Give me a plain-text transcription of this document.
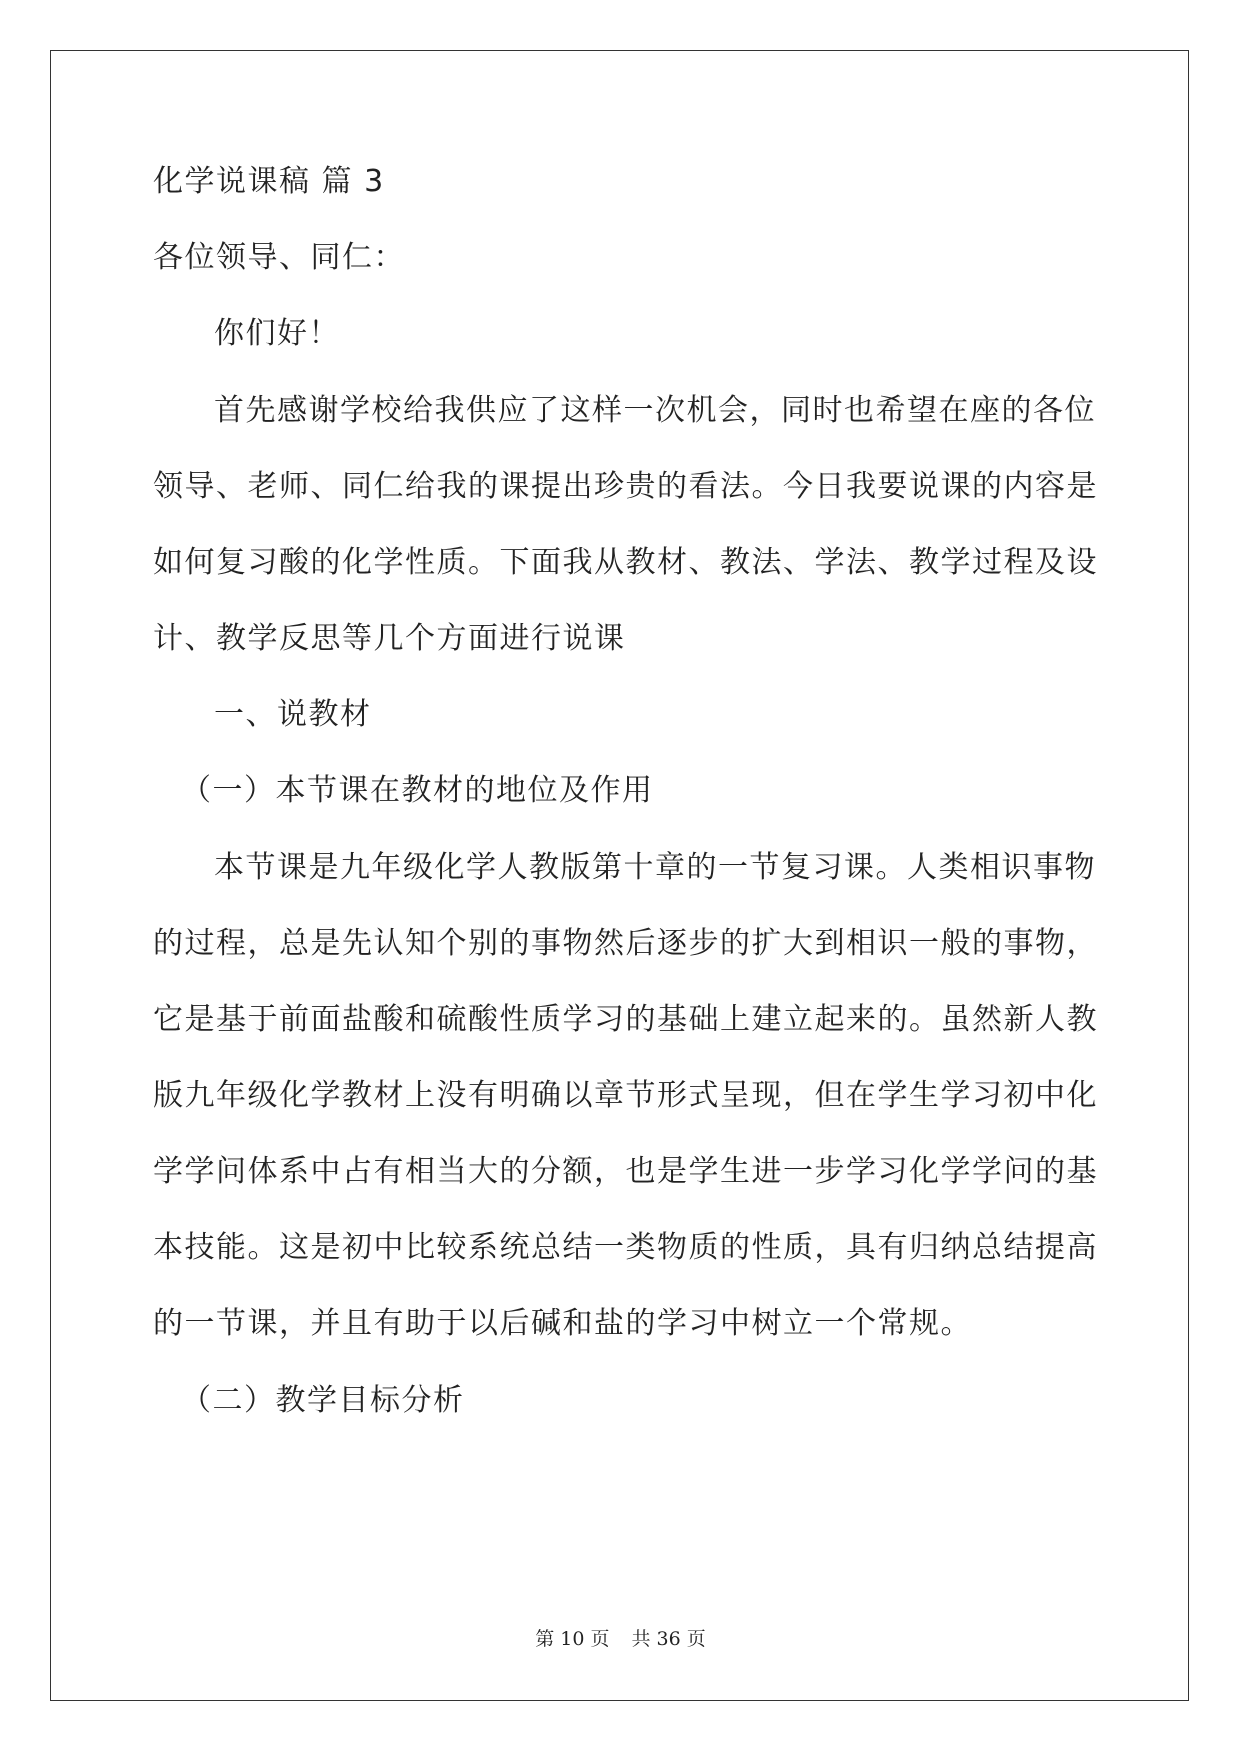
化学说课稿 篇 3

各位领导、同仁：

你们好！

首先感谢学校给我供应了这样一次机会，同时也希望在座的各位

领导、老师、同仁给我的课提出珍贵的看法。今日我要说课的内容是

如何复习酸的化学性质。下面我从教材、教法、学法、教学过程及设

计、教学反思等几个方面进行说课

一、说教材

（一）本节课在教材的地位及作用

本节课是九年级化学人教版第十章的一节复习课。人类相识事物

的过程，总是先认知个别的事物然后逐步的扩大到相识一般的事物，

它是基于前面盐酸和硫酸性质学习的基础上建立起来的。虽然新人教

版九年级化学教材上没有明确以章节形式呈现，但在学生学习初中化

学学问体系中占有相当大的分额，也是学生进一步学习化学学问的基

本技能。这是初中比较系统总结一类物质的性质，具有归纳总结提高

的一节课，并且有助于以后碱和盐的学习中树立一个常规。

（二）教学目标分析

第 10 页 共 36 页
